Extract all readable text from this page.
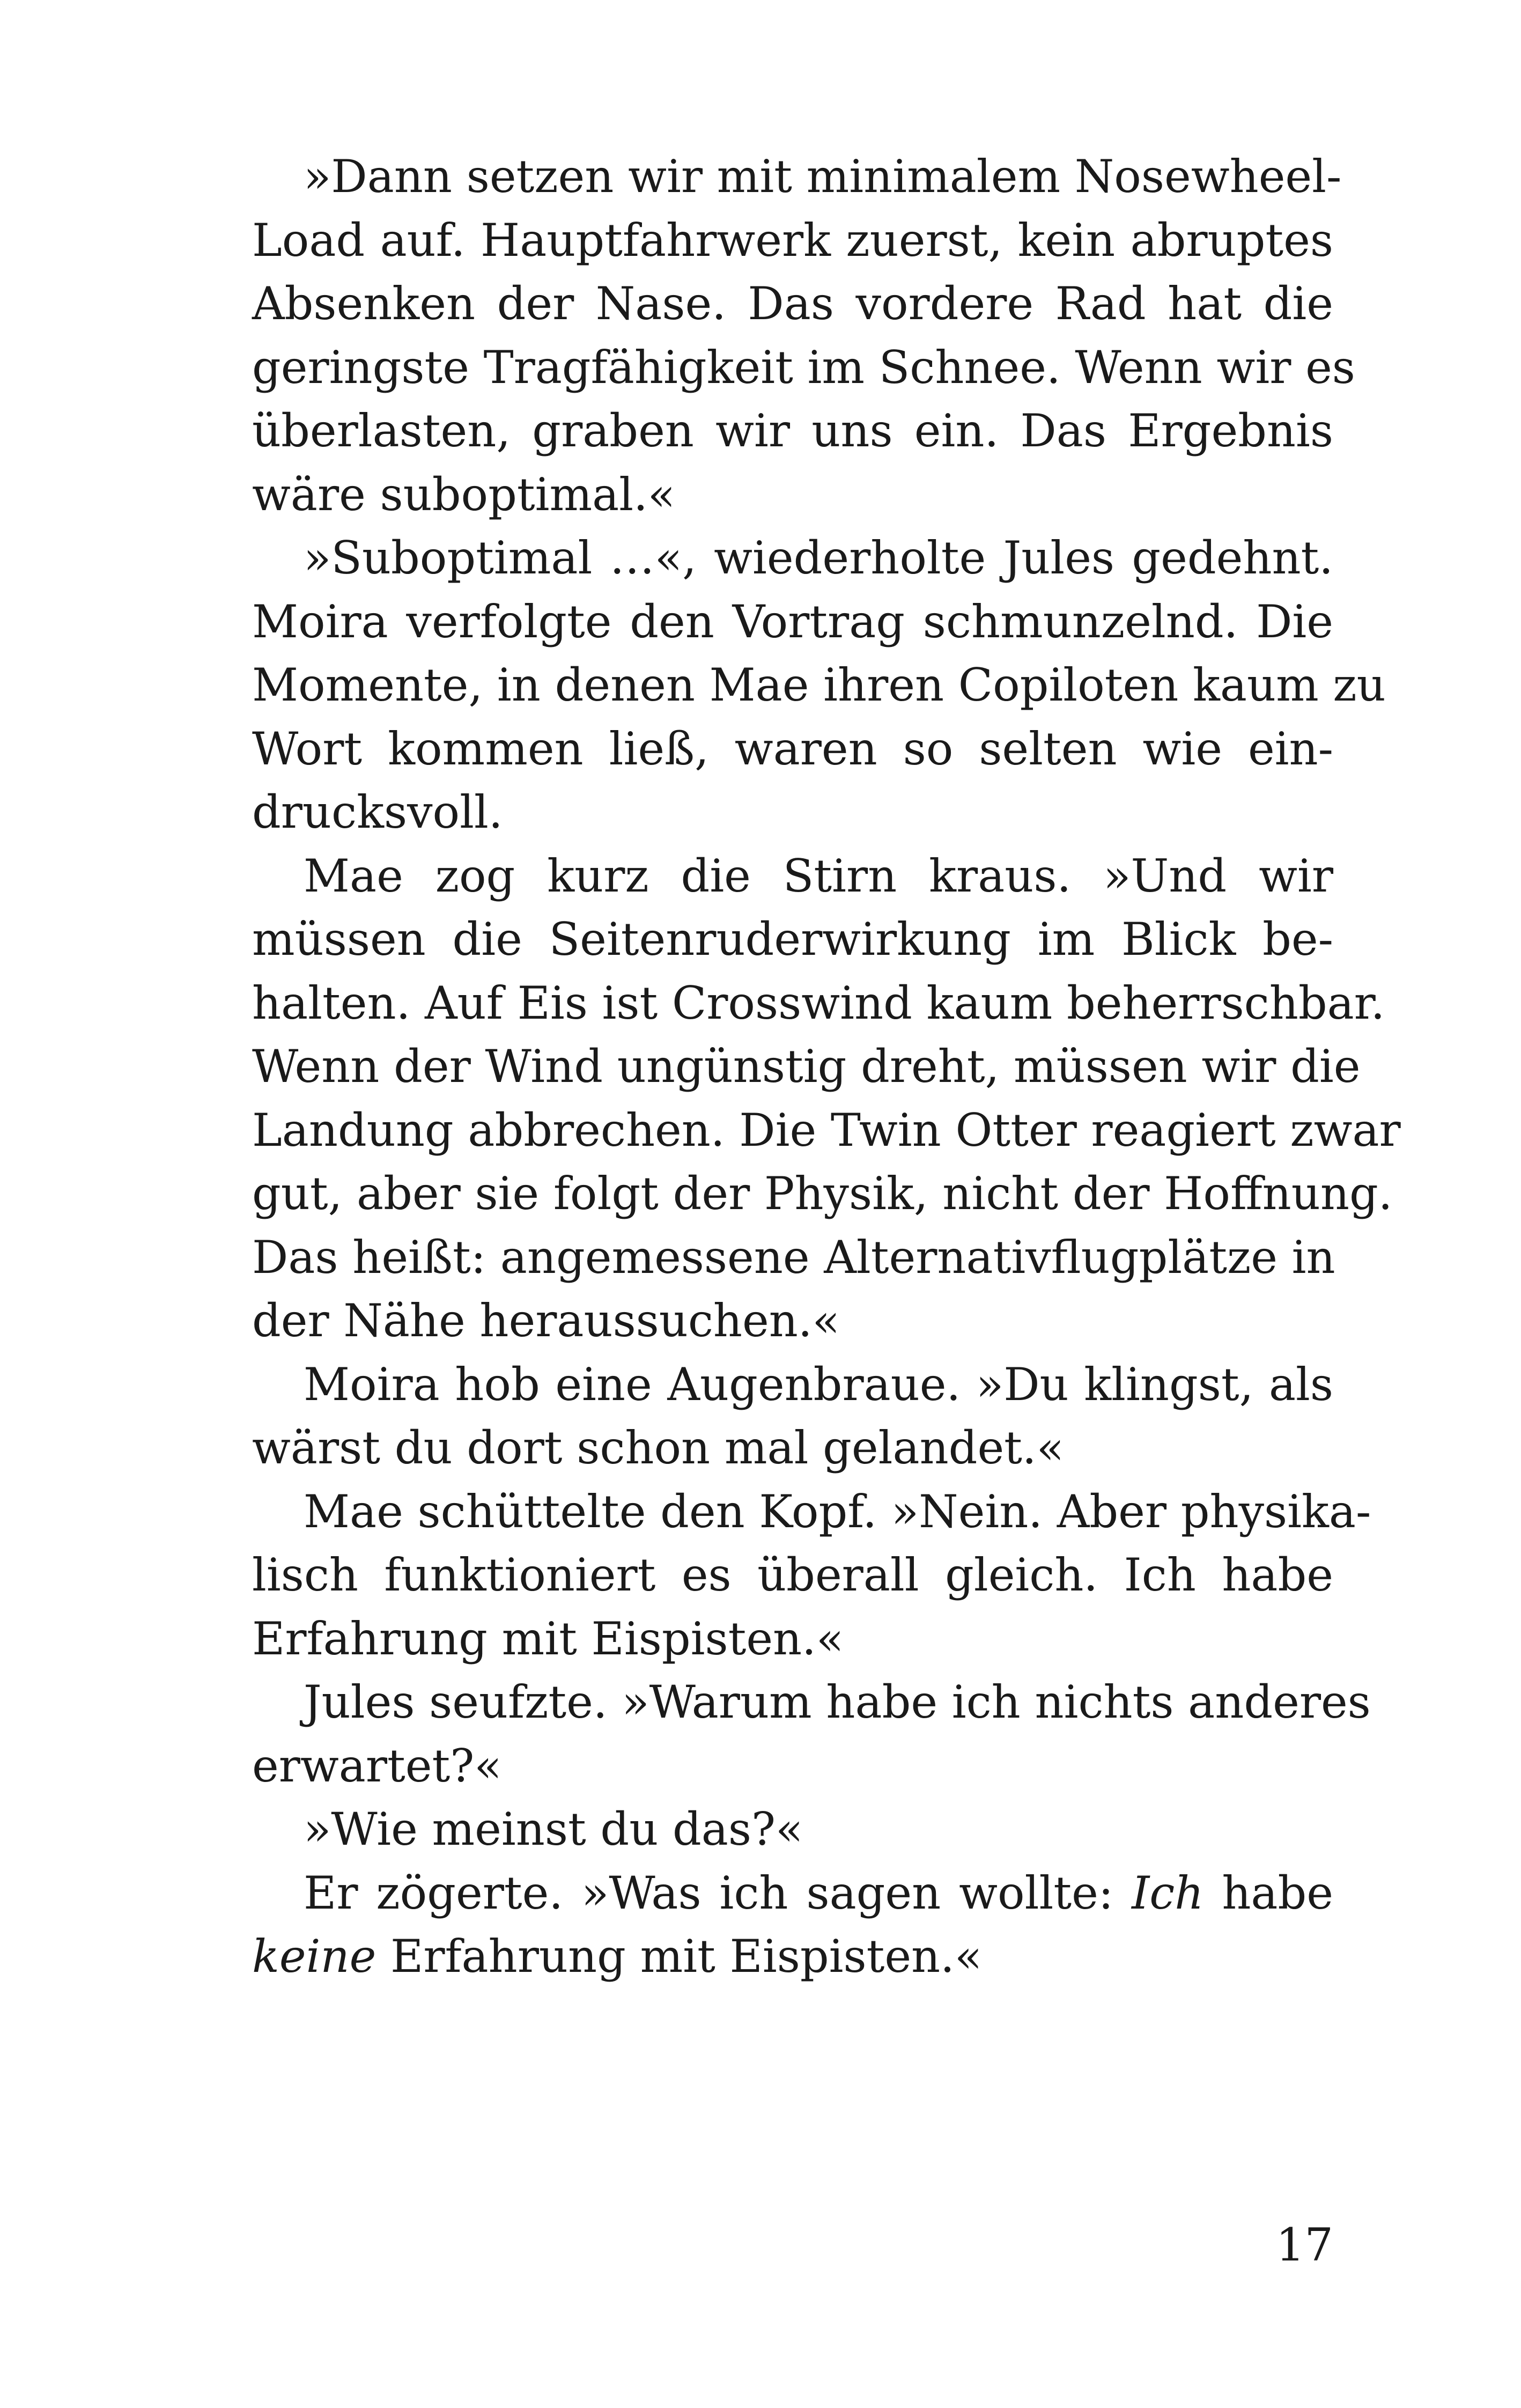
»Dann setzen wir mit minimalem Nosewheel-
Load auf. Hauptfahrwerk zuerst, kein abruptes
Absenken der Nase. Das vordere Rad hat die
geringste Tragfähigkeit im Schnee. Wenn wir es
überlasten, graben wir uns ein. Das Ergebnis
wäre suboptimal.«
»Suboptimal …«, wiederholte Jules gedehnt.
Moira verfolgte den Vortrag schmunzelnd. Die
Momente, in denen Mae ihren Copiloten kaum zu
Wort kommen ließ, waren so selten wie ein-
drucksvoll.
Mae zog kurz die Stirn kraus. »Und wir
müssen die Seitenruderwirkung im Blick be-
halten. Auf Eis ist Crosswind kaum beherrschbar.
Wenn der Wind ungünstig dreht, müssen wir die
Landung abbrechen. Die Twin Otter reagiert zwar
gut, aber sie folgt der Physik, nicht der Hoffnung.
Das heißt: angemessene Alternativflugplätze in
der Nähe heraussuchen.«
Moira hob eine Augenbraue. »Du klingst, als
wärst du dort schon mal gelandet.«
Mae schüttelte den Kopf. »Nein. Aber physika-
lisch funktioniert es überall gleich. Ich habe
Erfahrung mit Eispisten.«
Jules seufzte. »Warum habe ich nichts anderes
erwartet?«
»Wie meinst du das?«
Er zögerte. »Was ich sagen wollte: Ich habe
keine Erfahrung mit Eispisten.«
17
